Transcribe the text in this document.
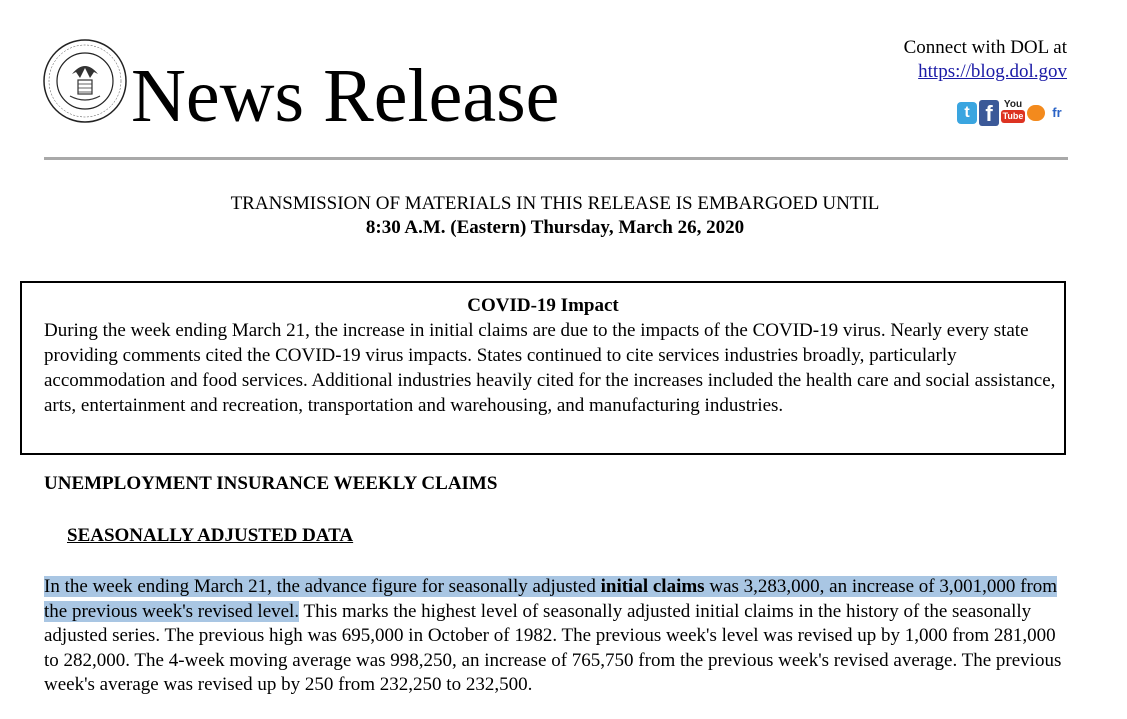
News Release
Connect with DOL at
https://blog.dol.gov
t f	You
Tube	fr
TRANSMISSION OF MATERIALS IN THIS RELEASE IS EMBARGOED UNTIL
8:30 A.M. (Eastern) Thursday, March 26, 2020
COVID-19 Impact
During the week ending March 21, the increase in initial claims are due to the impacts of the COVID-19 virus. Nearly every state providing comments cited the COVID-19 virus impacts. States continued to cite services industries broadly, particularly accommodation and food services. Additional industries heavily cited for the increases included the health care and social assistance, arts, entertainment and recreation, transportation and warehousing, and manufacturing industries.
UNEMPLOYMENT INSURANCE WEEKLY CLAIMS
SEASONALLY ADJUSTED DATA
In the week ending March 21, the advance figure for seasonally adjusted initial claims was 3,283,000, an increase of 3,001,000 from the previous week's revised level. This marks the highest level of seasonally adjusted initial claims in the history of the seasonally adjusted series. The previous high was 695,000 in October of 1982. The previous week's level was revised up by 1,000 from 281,000 to 282,000. The 4-week moving average was 998,250, an increase of 765,750 from the previous week's revised average. The previous week's average was revised up by 250 from 232,250 to 232,500.
